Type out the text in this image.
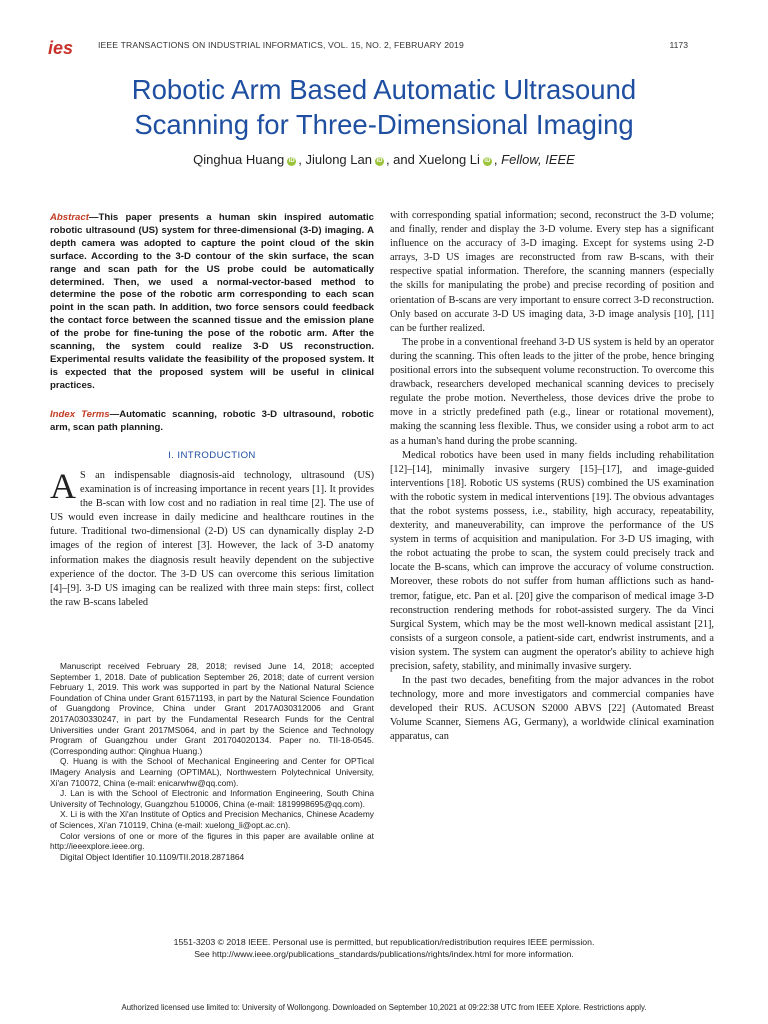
ies	IEEE TRANSACTIONS ON INDUSTRIAL INFORMATICS, VOL. 15, NO. 2, FEBRUARY 2019	1173
Robotic Arm Based Automatic Ultrasound
Scanning for Three-Dimensional Imaging
Qinghua Huang iD , Jiulong Lan iD , and Xuelong Li iD , Fellow, IEEE

Abstract—This paper presents a human skin inspired automatic robotic ultrasound (US) system for three-dimensional (3-D) imaging. A depth camera was adopted to capture the point cloud of the skin surface. According to the 3-D contour of the skin surface, the scan range and scan path for the US probe could be automatically determined. Then, we used a normal-vector-based method to determine the pose of the robotic arm corresponding to each scan point in the scan path. In addition, two force sensors could feedback the contact force between the scanned tissue and the emission plane of the probe for fine-tuning the pose of the robotic arm. After the scanning, the system could realize 3-D US reconstruction. Experimental results validate the feasibility of the proposed system. It is expected that the proposed system will be useful in clinical practices.

Index Terms—Automatic scanning, robotic 3-D ultrasound, robotic arm, scan path planning.

I. INTRODUCTION

A S an indispensable diagnosis-aid technology, ultrasound (US) examination is of increasing importance in recent years [1]. It provides the B-scan with low cost and no radiation in real time [2]. The use of US would even increase in daily medicine and healthcare routines in the future. Traditional two-dimensional (2-D) US can dynamically display 2-D images of the region of interest [3]. However, the lack of 3-D anatomy information makes the diagnosis result heavily dependent on the subjective experience of the doctor. The 3-D US can overcome this serious limitation [4]–[9]. 3-D US imaging can be realized with three main steps: first, collect the raw B-scans labeled

Manuscript received February 28, 2018; revised June 14, 2018; accepted September 1, 2018. Date of publication September 26, 2018; date of current version February 1, 2019. This work was supported in part by the National Natural Science Foundation of China under Grant 61571193, in part by the Natural Science Foundation of Guangdong Province, China under Grant 2017A030312006 and Grant 2017A030330247, in part by the Fundamental Research Funds for the Central Universities under Grant 2017MS064, and in part by the Science and Technology Program of Guangzhou under Grant 201704020134. Paper no. TII-18-0545. (Corresponding author: Qinghua Huang.)

Q. Huang is with the School of Mechanical Engineering and Center for OPTical IMagery Analysis and Learning (OPTIMAL), Northwestern Polytechnical University, Xi'an 710072, China (e-mail: enicarwhw@qq.com).

J. Lan is with the School of Electronic and Information Engineering, South China University of Technology, Guangzhou 510006, China (e-mail: 1819998695@qq.com).

X. Li is with the Xi'an Institute of Optics and Precision Mechanics, Chinese Academy of Sciences, Xi'an 710119, China (e-mail: xuelong_li@opt.ac.cn).

Color versions of one or more of the figures in this paper are available online at http://ieeexplore.ieee.org.

Digital Object Identifier 10.1109/TII.2018.2871864

with corresponding spatial information; second, reconstruct the 3-D volume; and finally, render and display the 3-D volume. Every step has a significant influence on the accuracy of 3-D imaging. Except for systems using 2-D arrays, 3-D US images are reconstructed from raw B-scans, with their respective spatial information. Therefore, the scanning manners (especially the skills for manipulating the probe) and precise recording of position and orientation of B-scans are very important to ensure correct 3-D reconstruction. Only based on accurate 3-D US imaging data, 3-D image analysis [10], [11] can be further realized.

The probe in a conventional freehand 3-D US system is held by an operator during the scanning. This often leads to the jitter of the probe, hence bringing positional errors into the subsequent volume reconstruction. To overcome this drawback, researchers developed mechanical scanning devices to precisely regulate the probe motion. Nevertheless, those devices drive the probe to move in a strictly predefined path (e.g., linear or rotational movement), making the scanning less flexible. Thus, we consider using a robot arm to act as a human's hand during the probe scanning.

Medical robotics have been used in many fields including rehabilitation [12]–[14], minimally invasive surgery [15]–[17], and image-guided interventions [18]. Robotic US systems (RUS) combined the US examination with the robotic system in medical interventions [19]. The obvious advantages that the robot systems possess, i.e., stability, high accuracy, repeatability, dexterity, and maneuverability, can improve the performance of the US system in terms of acquisition and manipulation. For 3-D US imaging, with the robot actuating the probe to scan, the system could precisely track and locate the B-scans, which can improve the accuracy of volume construction. Moreover, these robots do not suffer from human afflictions such as hand-tremor, fatigue, etc. Pan et al. [20] give the comparison of medical image 3-D reconstruction rendering methods for robot-assisted surgery. The da Vinci Surgical System, which may be the most well-known medical assistant [21], consists of a surgeon console, a patient-side cart, endwrist instruments, and a vision system. The system can augment the operator's ability to achieve high precision, safety, stability, and minimally invasive surgery.

In the past two decades, benefiting from the major advances in the robot technology, more and more investigators and commercial companies have developed their RUS. ACUSON S2000 ABVS [22] (Automated Breast Volume Scanner, Siemens AG, Germany), a worldwide clinical examination apparatus, can

1551-3203 © 2018 IEEE. Personal use is permitted, but republication/redistribution requires IEEE permission.
See http://www.ieee.org/publications_standards/publications/rights/index.html for more information.
Authorized licensed use limited to: University of Wollongong. Downloaded on September 10,2021 at 09:22:38 UTC from IEEE Xplore. Restrictions apply.
